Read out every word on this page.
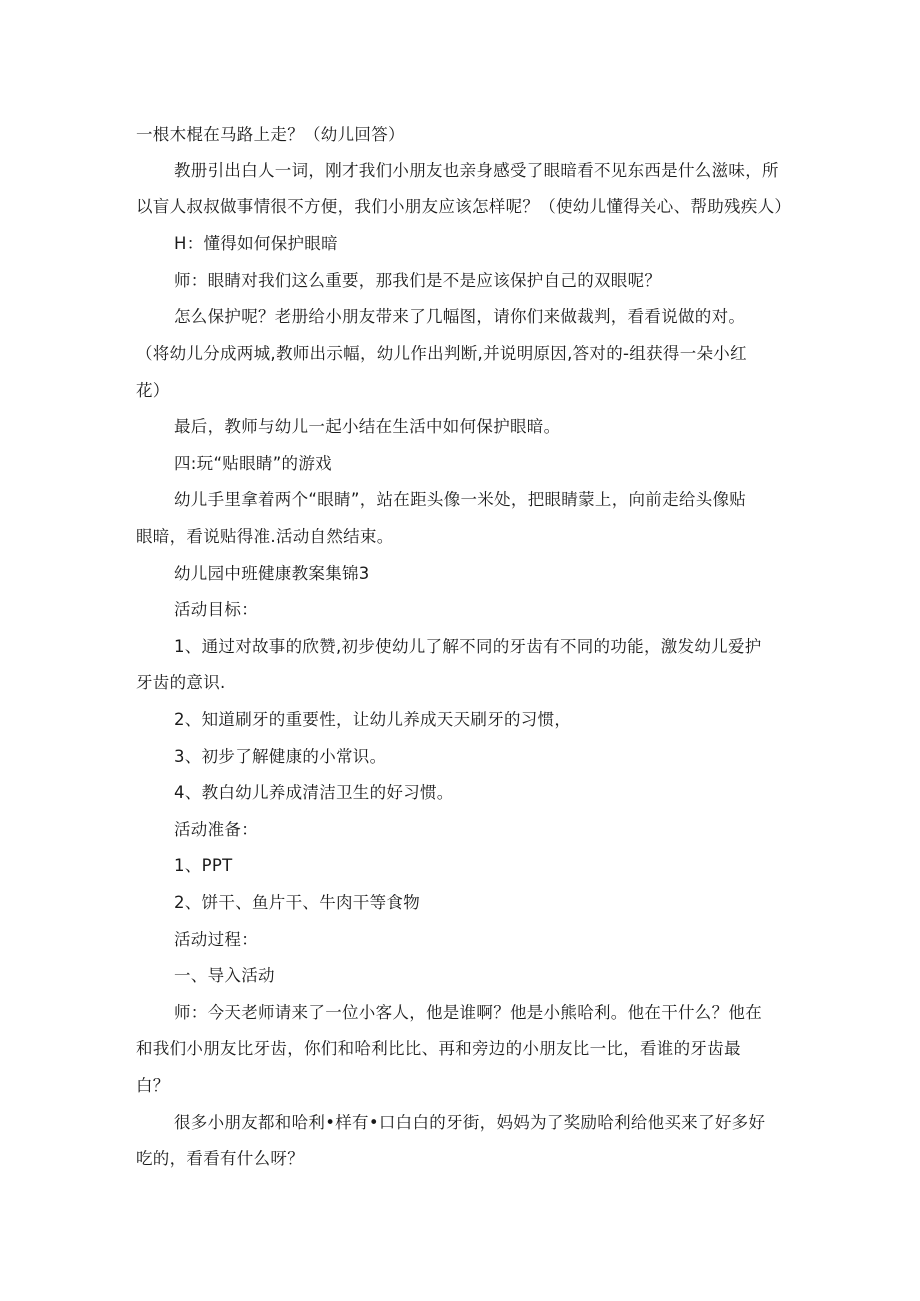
一根木棍在马路上走？（幼儿回答）
教册引出白人一词，刚才我们小朋友也亲身感受了眼暗看不见东西是什么滋味，所
以盲人叔叔做事情很不方便，我们小朋友应该怎样呢？（使幼儿懂得关心、帮助残疾人）
H：懂得如何保护眼暗
师：眼睛对我们这么重要，那我们是不是应该保护自己的双眼呢？
怎么保护呢？老册给小朋友带来了几幅图，请你们来做裁判，看看说做的对。
（将幼儿分成两城,教师出示幅，幼儿作出判断,并说明原因,答对的-组获得一朵小红
花）
最后，教师与幼儿一起小结在生活中如何保护眼暗。
四:玩“贴眼睛”的游戏
幼儿手里拿着两个“眼睛”，站在距头像一米处，把眼睛蒙上，向前走给头像贴
眼暗，看说贴得准.活动自然结束。
幼儿园中班健康教案集锦3
活动目标：
1、通过对故事的欣赞,初步使幼儿了解不同的牙齿有不同的功能，激发幼儿爱护
牙齿的意识.
2、知道刷牙的重要性，让幼儿养成天天刷牙的习惯，
3、初步了解健康的小常识。
4、教白幼儿养成清洁卫生的好习惯。
活动准备：
1、PPT
2、饼干、鱼片干、牛肉干等食物
活动过程：
一、导入活动
师：今天老师请来了一位小客人，他是谁啊？他是小熊哈利。他在干什么？他在
和我们小朋友比牙齿，你们和哈利比比、再和旁边的小朋友比一比，看谁的牙齿最
白？
很多小朋友都和哈利•样有•口白白的牙街，妈妈为了奖励哈利给他买来了好多好
吃的，看看有什么呀？
